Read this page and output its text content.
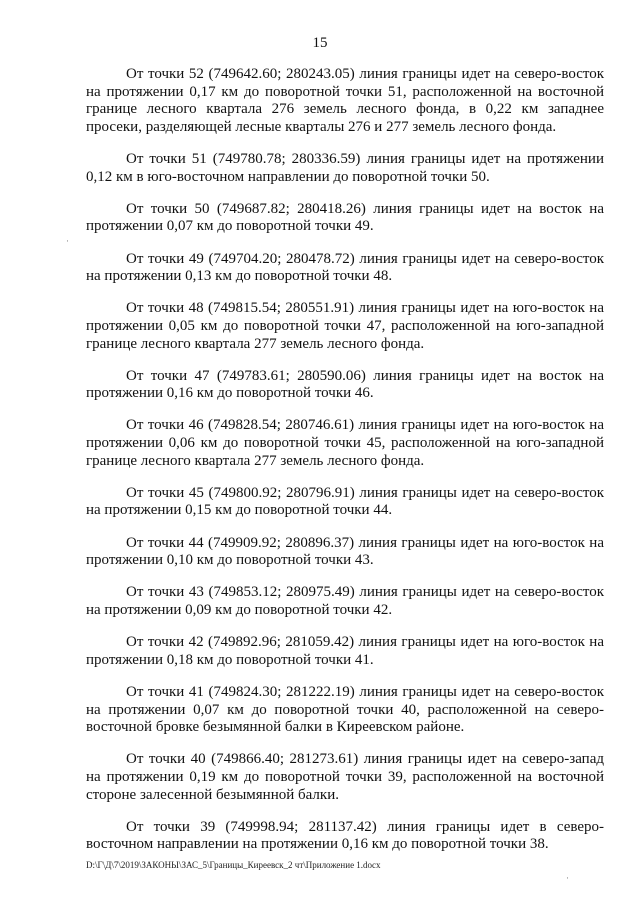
15

От точки 52 (749642.60; 280243.05) линия границы идет на северо-восток на протяжении 0,17 км до поворотной точки 51, расположенной на восточной границе лесного квартала 276 земель лесного фонда, в 0,22 км западнее просеки, разделяющей лесные кварталы 276 и 277 земель лесного фонда.

От точки 51 (749780.78; 280336.59) линия границы идет на протяжении 0,12 км в юго-восточном направлении до поворотной точки 50.

От точки 50 (749687.82; 280418.26) линия границы идет на восток на протяжении 0,07 км до поворотной точки 49.

От точки 49 (749704.20; 280478.72) линия границы идет на северо-восток на протяжении 0,13 км до поворотной точки 48.

От точки 48 (749815.54; 280551.91) линия границы идет на юго-восток на протяжении 0,05 км до поворотной точки 47, расположенной на юго-западной границе лесного квартала 277 земель лесного фонда.

От точки 47 (749783.61; 280590.06) линия границы идет на восток на протяжении 0,16 км до поворотной точки 46.

От точки 46 (749828.54; 280746.61) линия границы идет на юго-восток на протяжении 0,06 км до поворотной точки 45, расположенной на юго-западной границе лесного квартала 277 земель лесного фонда.

От точки 45 (749800.92; 280796.91) линия границы идет на северо-восток на протяжении 0,15 км до поворотной точки 44.

От точки 44 (749909.92; 280896.37) линия границы идет на юго-восток на протяжении 0,10 км до поворотной точки 43.

От точки 43 (749853.12; 280975.49) линия границы идет на северо-восток на протяжении 0,09 км до поворотной точки 42.

От точки 42 (749892.96; 281059.42) линия границы идет на юго-восток на протяжении 0,18 км до поворотной точки 41.

От точки 41 (749824.30; 281222.19) линия границы идет на северо-восток на протяжении 0,07 км до поворотной точки 40, расположенной на северо-восточной бровке безымянной балки в Киреевском районе.

От точки 40 (749866.40; 281273.61) линия границы идет на северо-запад на протяжении 0,19 км до поворотной точки 39, расположенной на восточной стороне залесенной безымянной балки.

От точки 39 (749998.94; 281137.42) линия границы идет в северо-восточном направлении на протяжении 0,16 км до поворотной точки 38.

D:\Г\Д\7\2019\ЗАКОНЫ\ЗАС_5\Границы_Киреевск_2 чт\Приложение 1.docx
·
·
